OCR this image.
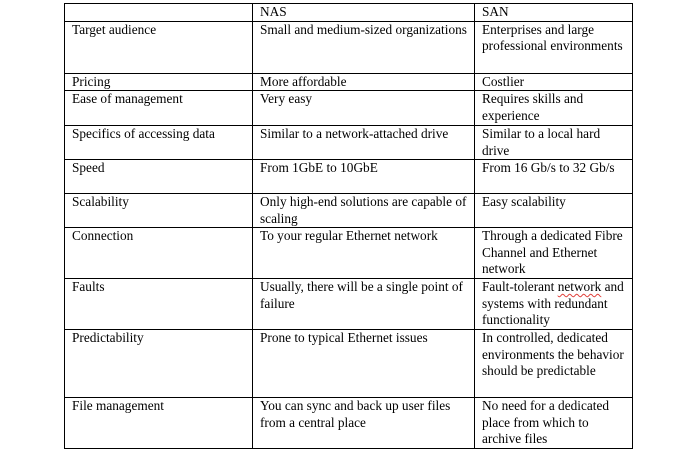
	NAS	SAN
Target audience	Small and medium-sized organizations	Enterprises and large professional environments
Pricing	More affordable	Costlier
Ease of management	Very easy	Requires skills and experience
Specifics of accessing data	Similar to a network-attached drive	Similar to a local hard drive
Speed	From 1GbE to 10GbE	From 16 Gb/s to 32 Gb/s
Scalability	Only high-end solutions are capable of scaling	Easy scalability
Connection	To your regular Ethernet network	Through a dedicated Fibre Channel and Ethernet network
Faults	Usually, there will be a single point of failure	Fault-tolerant network and systems with redundant functionality
Predictability	Prone to typical Ethernet issues	In controlled, dedicated environments the behavior should be predictable
File management	You can sync and back up user files from a central place	No need for a dedicated place from which to archive files
